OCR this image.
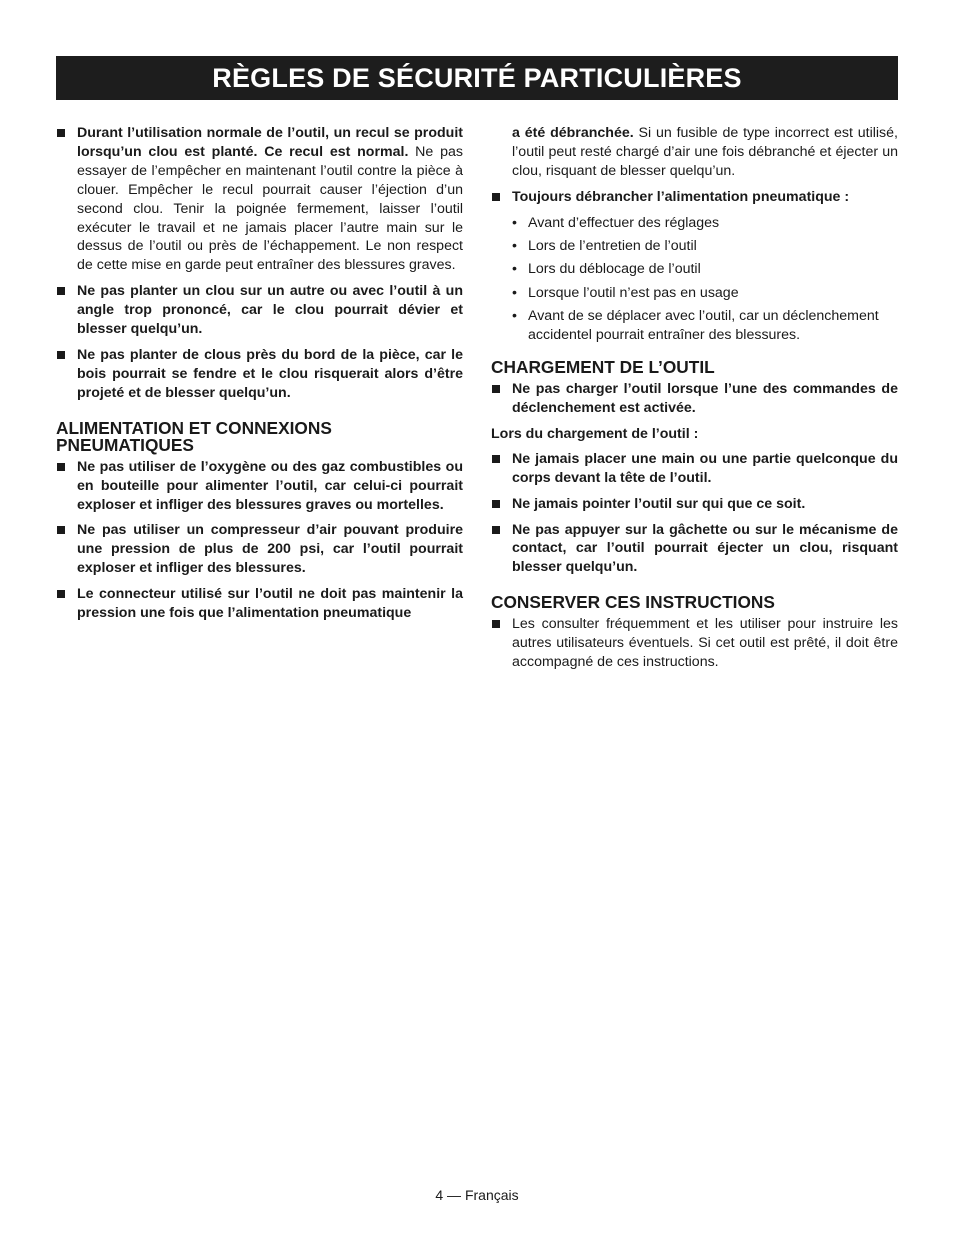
RÈGLES DE SÉCURITÉ PARTICULIÈRES
Durant l’utilisation normale de l’outil, un recul se produit lorsqu’un clou est planté. Ce recul est normal. Ne pas essayer de l’empêcher en maintenant l’outil contre la pièce à clouer. Empêcher le recul pourrait causer l’éjection d’un second clou. Tenir la poignée fermement, laisser l’outil exécuter le travail et ne jamais placer l’autre main sur le dessus de l’outil ou près de l’échappement. Le non respect de cette mise en garde peut entraîner des blessures graves.
Ne pas planter un clou sur un autre ou avec l’outil à un angle trop prononcé, car le clou pourrait dévier et blesser quelqu’un.
Ne pas planter de clous près du bord de la pièce, car le bois pourrait se fendre et le clou risquerait alors d’être projeté et de blesser quelqu’un.
ALIMENTATION ET CONNEXIONS PNEUMATIQUES
Ne pas utiliser de l’oxygène ou des gaz combustibles ou en bouteille pour alimenter l’outil, car celui-ci pourrait exploser et infliger des blessures graves ou mortelles.
Ne pas utiliser un compresseur d’air pouvant produire une pression de plus de 200 psi, car l’outil pourrait exploser et infliger des blessures.
Le connecteur utilisé sur l’outil ne doit pas maintenir la pression une fois que l’alimentation pneumatique
a été débranchée. Si un fusible de type incorrect est utilisé, l’outil peut resté chargé d’air une fois débranché et éjecter un clou, risquant de blesser quelqu’un.
Toujours débrancher l’alimentation pneumatique :
• Avant d’effectuer des réglages
• Lors de l’entretien de l’outil
• Lors du déblocage de l’outil
• Lorsque l’outil n’est pas en usage
• Avant de se déplacer avec l’outil, car un déclenchement accidentel pourrait entraîner des blessures.
CHARGEMENT DE L’OUTIL
Ne pas charger l’outil lorsque l’une des commandes de déclenchement est activée.
Lors du chargement de l’outil :
Ne jamais placer une main ou une partie quelconque du corps devant la tête de l’outil.
Ne jamais pointer l’outil sur qui que ce soit.
Ne pas appuyer sur la gâchette ou sur le mécanisme de contact, car l’outil pourrait éjecter un clou, risquant blesser quelqu’un.
CONSERVER CES INSTRUCTIONS
Les consulter fréquemment et les utiliser pour instruire les autres utilisateurs éventuels. Si cet outil est prêté, il doit être accompagné de ces instructions.
4 — Français
